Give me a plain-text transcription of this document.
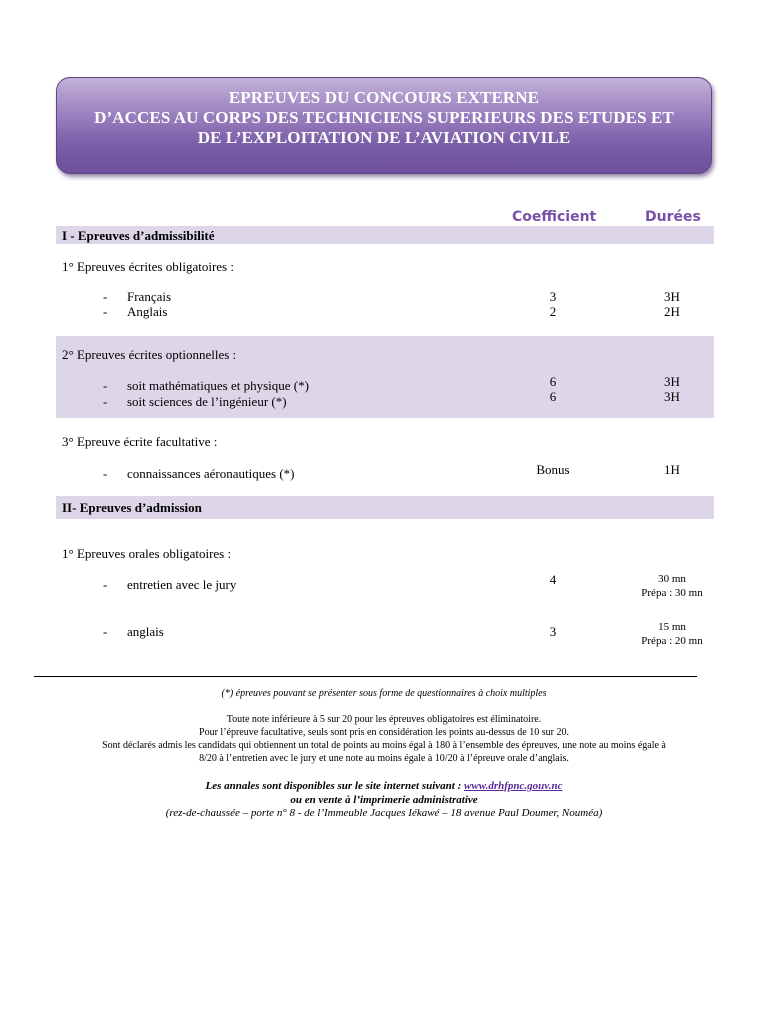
EPREUVES DU CONCOURS EXTERNE
D’ACCES AU CORPS DES TECHNICIENS SUPERIEURS DES ETUDES ET
DE L’EXPLOITATION DE L’AVIATION CIVILE
Coefficient	Durées
I - Epreuves d’admissibilité
1° Epreuves écrites obligatoires :
- Français	3	3H
- Anglais	2	2H
2° Epreuves écrites optionnelles :
- soit mathématiques et physique (*)	6	3H
- soit sciences de l’ingénieur (*)	6	3H
3° Epreuve écrite facultative :
- connaissances aéronautiques (*)	Bonus	1H
II- Epreuves d’admission
1° Epreuves orales obligatoires :
- entretien avec le jury	4	30 mn
Prépa : 30 mn
- anglais	3	15 mn
Prépa : 20 mn
(*) épreuves pouvant se présenter sous forme de questionnaires à choix multiples
Toute note inférieure à 5 sur 20 pour les épreuves obligatoires est éliminatoire.
Pour l’épreuve facultative, seuls sont pris en considération les points au-dessus de 10 sur 20.
Sont déclarés admis les candidats qui obtiennent un total de points au moins égal à 180 à l’ensemble des épreuves, une note au moins égale à
8/20 à l’entretien avec le jury et une note au moins égale à 10/20 à l’épreuve orale d’anglais.
Les annales sont disponibles sur le site internet suivant : www.drhfpnc.gouv.nc
ou en vente à l’imprimerie administrative
(rez-de-chaussée – porte n° 8 - de l’Immeuble Jacques Iékawé – 18 avenue Paul Doumer, Nouméa)
